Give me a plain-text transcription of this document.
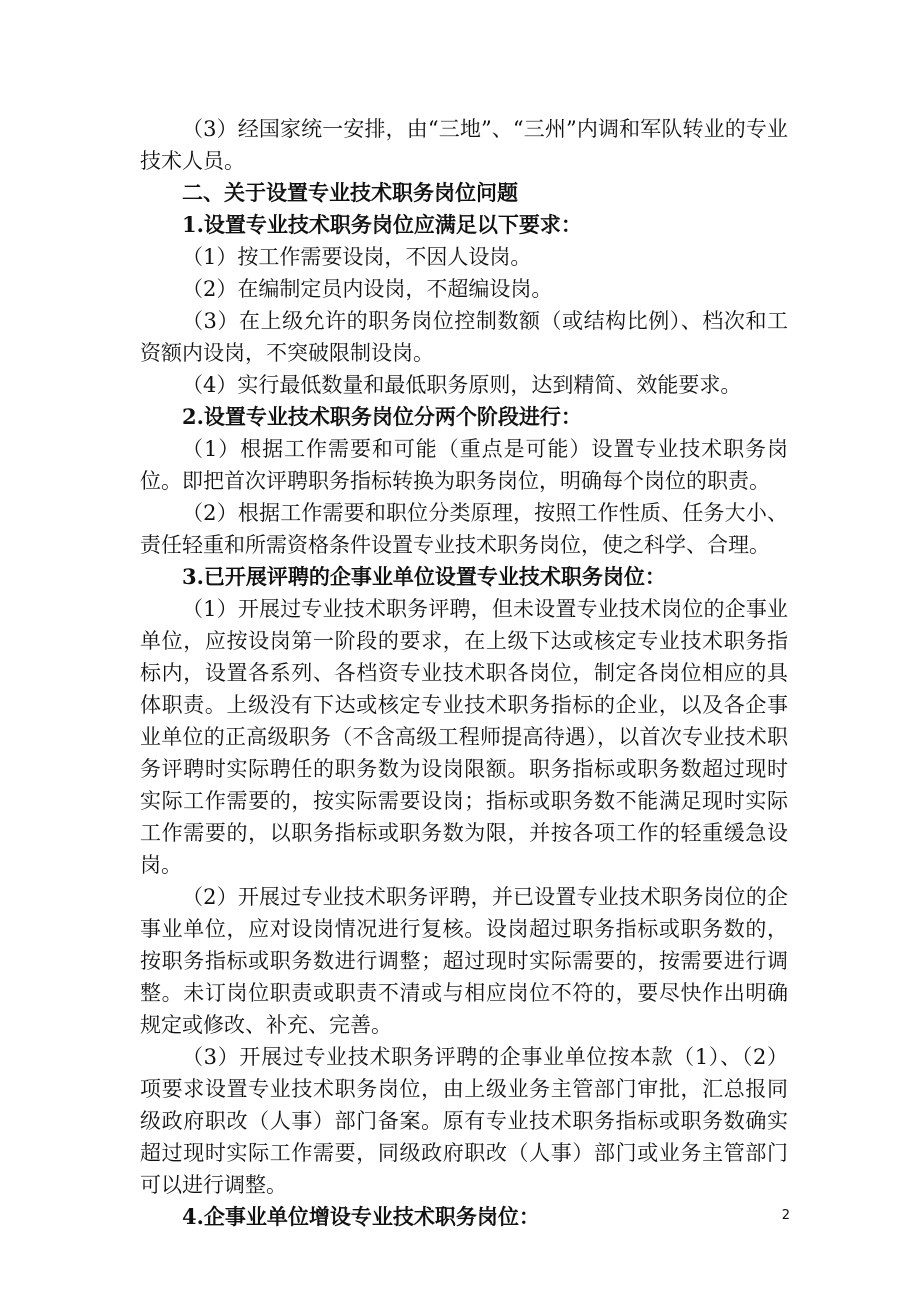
（3）经国家统一安排，由“三地”、“三州”内调和军队转业的专业技术人员。

二、关于设置专业技术职务岗位问题

1.设置专业技术职务岗位应满足以下要求：

（1）按工作需要设岗，不因人设岗。

（2）在编制定员内设岗，不超编设岗。

（3）在上级允许的职务岗位控制数额（或结构比例）、档次和工资额内设岗，不突破限制设岗。

（4）实行最低数量和最低职务原则，达到精简、效能要求。

2.设置专业技术职务岗位分两个阶段进行：

（1）根据工作需要和可能（重点是可能）设置专业技术职务岗位。即把首次评聘职务指标转换为职务岗位，明确每个岗位的职责。

（2）根据工作需要和职位分类原理，按照工作性质、任务大小、责任轻重和所需资格条件设置专业技术职务岗位，使之科学、合理。

3.已开展评聘的企事业单位设置专业技术职务岗位：

（1）开展过专业技术职务评聘，但未设置专业技术岗位的企事业单位，应按设岗第一阶段的要求，在上级下达或核定专业技术职务指标内，设置各系列、各档资专业技术职各岗位，制定各岗位相应的具体职责。上级没有下达或核定专业技术职务指标的企业，以及各企事业单位的正高级职务（不含高级工程师提高待遇），以首次专业技术职务评聘时实际聘任的职务数为设岗限额。职务指标或职务数超过现时实际工作需要的，按实际需要设岗；指标或职务数不能满足现时实际工作需要的，以职务指标或职务数为限，并按各项工作的轻重缓急设岗。

（2）开展过专业技术职务评聘，并已设置专业技术职务岗位的企事业单位，应对设岗情况进行复核。设岗超过职务指标或职务数的，按职务指标或职务数进行调整；超过现时实际需要的，按需要进行调整。未订岗位职责或职责不清或与相应岗位不符的，要尽快作出明确规定或修改、补充、完善。

（3）开展过专业技术职务评聘的企事业单位按本款（1）、（2）项要求设置专业技术职务岗位，由上级业务主管部门审批，汇总报同级政府职改（人事）部门备案。原有专业技术职务指标或职务数确实超过现时实际工作需要，同级政府职改（人事）部门或业务主管部门可以进行调整。

4.企事业单位增设专业技术职务岗位：	2
